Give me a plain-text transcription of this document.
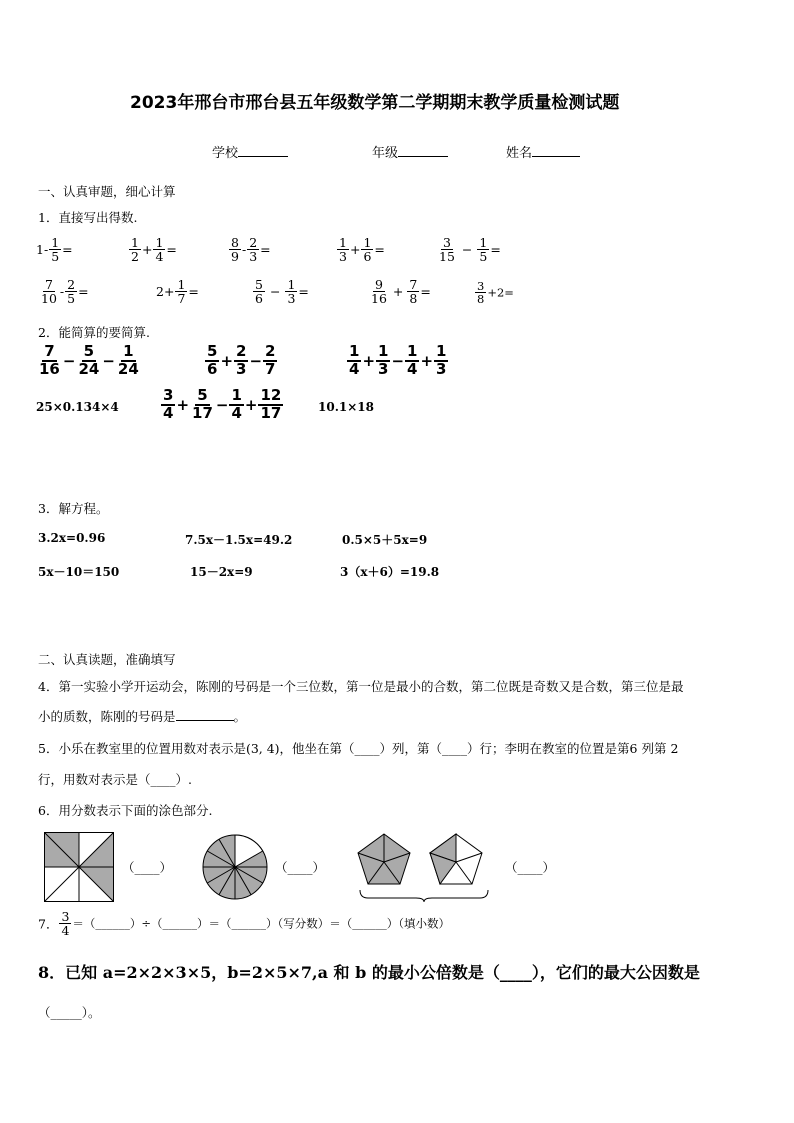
2023年邢台市邢台县五年级数学第二学期期末教学质量检测试题
学校	年级	姓名
一、认真审题，细心计算
1．直接写出得数.
$1- \frac{1}{5}$ =	$\frac{1}{2} + \frac{1}{4}$ =	$\frac{8}{9} - \frac{2}{3}$ =	$\frac{1}{3} + \frac{1}{6}$ =	$\frac{3}{15} - \frac{1}{5}$ =
$\frac{7}{10} - \frac{2}{5}$ =	$2+ \frac{1}{7}$ =	$\frac{5}{6} - \frac{1}{3}$ =	$\frac{9}{16} + \frac{7}{8}$ =	$\frac{3}{8} +2=$
2．能简算的要简算.
$\frac{7}{16} - \frac{5}{24} - \frac{1}{24}$	$\frac{5}{6} + \frac{2}{3} - \frac{2}{7}$	$\frac{1}{4} + \frac{1}{3} - \frac{1}{4} + \frac{1}{3}$
25×0.134×4	$\frac{3}{4} + \frac{5}{17} - \frac{1}{4} + \frac{12}{17}$	10.1×18
3．解方程。
3.2x=0.96	7.5x－1.5x=49.2	0.5×5＋5x=9
5x－10＝150	15－2x=9	3（x＋6）=19.8
二、认真读题，准确填写
4．第一实验小学开运动会，陈刚的号码是一个三位数，第一位是最小的合数，第二位既是奇数又是合数，第三位是最
小的质数，陈刚的号码是	。
5．小乐在教室里的位置用数对表示是(3, 4)，他坐在第（____）列，第（____）行；李明在教室的位置是第6 列第 2
行，用数对表示是（____）.
6．用分数表示下面的涂色部分.
（____）	（____）	（____）
7． $\frac{3}{4}$ ＝（______）÷（______）＝（______）（写分数）＝（______）（填小数）
8．已知 a=2×2×3×5，b=2×5×7,a 和 b 的最小公倍数是（____），它们的最大公因数是
（_____）。
